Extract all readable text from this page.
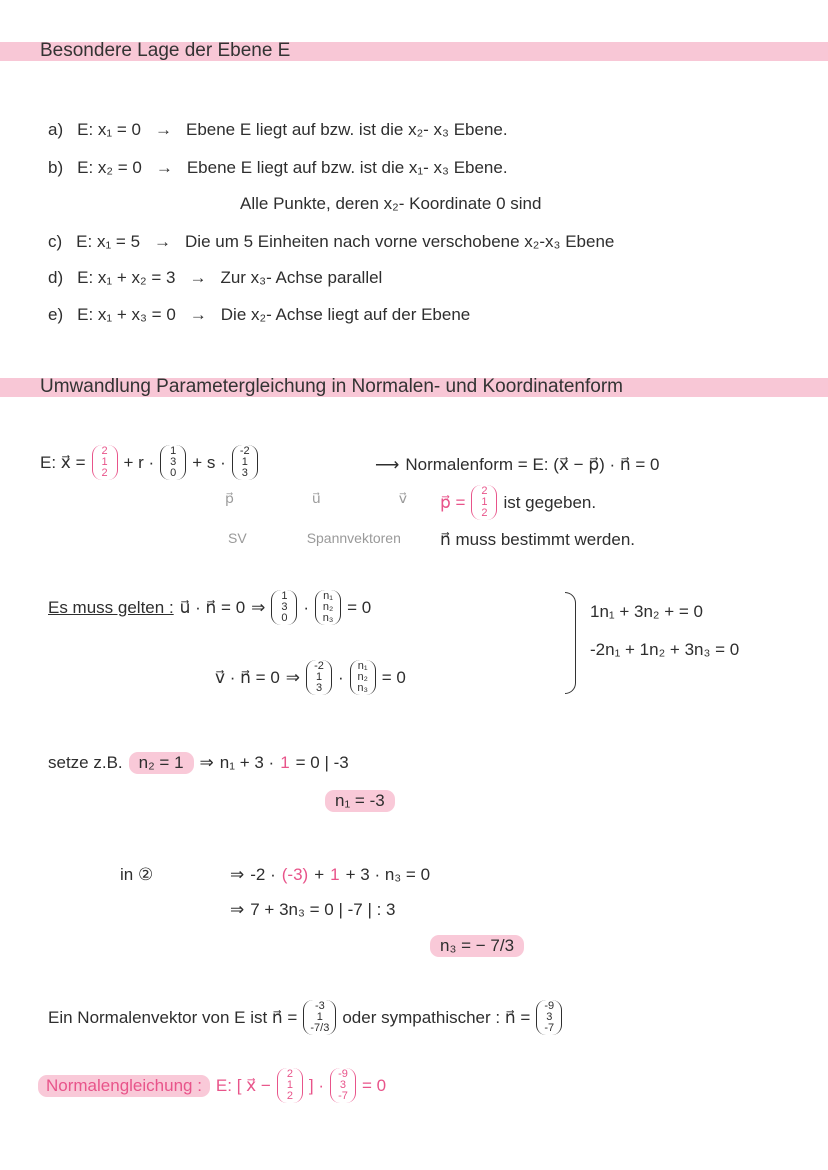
Besondere Lage der Ebene E
Umwandlung Parametergleichung in Normalen- und Koordinatenform
a) E: x₁ = 0 → Ebene E liegt auf bzw. ist die x₂- x₃ Ebene.
b) E: x₂ = 0 → Ebene E liegt auf bzw. ist die x₁- x₃ Ebene.
Alle Punkte, deren x₂- Koordinate 0 sind
c) E: x₁ = 5 → Die um 5 Einheiten nach vorne verschobene x₂-x₃ Ebene
d) E: x₁ + x₂ = 3 → Zur x₃- Achse parallel
e) E: x₁ + x₃ = 0 → Die x₂- Achse liegt auf der Ebene
E: x⃗ =
2
1
2
+ r ·
1
3
0
+ s ·
-2
1
3
p⃗	u⃗	v⃗
SV	Spannvektoren
⟶ Normalenform = E: (x⃗ − p⃗) · n⃗ = 0
p⃗ =
2
1
2
ist gegeben.
n⃗ muss bestimmt werden.
Es muss gelten : u⃗ · n⃗ = 0 ⇒
1
3
0
·
n₁
n₂
n₃
= 0
v⃗ · n⃗ = 0 ⇒
-2
1
3
·
n₁
n₂
n₃
= 0
1n₁ + 3n₂ + = 0
-2n₁ + 1n₂ + 3n₃ = 0
setze z.B. n₂ = 1 ⇒ n₁ + 3 · 1 = 0 | -3
n₁ = -3
in ②	⇒ -2 · (-3) + 1 + 3 · n₃ = 0
⇒ 7 + 3n₃ = 0 | -7 | : 3
n₃ = − 7/3
Ein Normalenvektor von E ist n⃗ =
-3
1
-7/3
oder sympathischer : n⃗ =
-9
3
-7
Normalengleichung : E: [ x⃗ −
2
1
2
] ·
-9
3
-7
= 0
